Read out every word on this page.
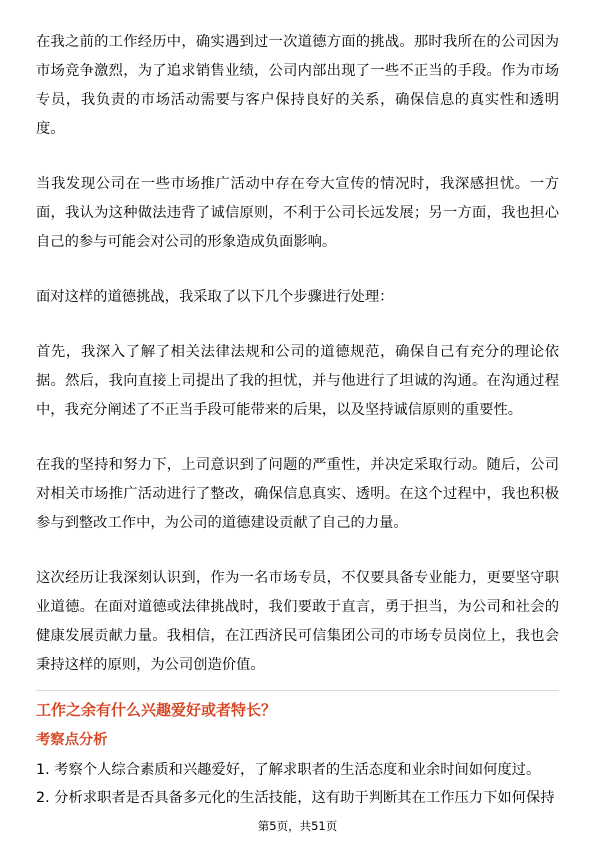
在我之前的工作经历中，确实遇到过一次道德方面的挑战。那时我所在的公司因为市场竞争激烈，为了追求销售业绩，公司内部出现了一些不正当的手段。作为市场专员，我负责的市场活动需要与客户保持良好的关系，确保信息的真实性和透明度。

当我发现公司在一些市场推广活动中存在夸大宣传的情况时，我深感担忧。一方面，我认为这种做法违背了诚信原则，不利于公司长远发展；另一方面，我也担心自己的参与可能会对公司的形象造成负面影响。

面对这样的道德挑战，我采取了以下几个步骤进行处理：

首先，我深入了解了相关法律法规和公司的道德规范，确保自己有充分的理论依据。然后，我向直接上司提出了我的担忧，并与他进行了坦诚的沟通。在沟通过程中，我充分阐述了不正当手段可能带来的后果，以及坚持诚信原则的重要性。

在我的坚持和努力下，上司意识到了问题的严重性，并决定采取行动。随后，公司对相关市场推广活动进行了整改，确保信息真实、透明。在这个过程中，我也积极参与到整改工作中，为公司的道德建设贡献了自己的力量。

这次经历让我深刻认识到，作为一名市场专员，不仅要具备专业能力，更要坚守职业道德。在面对道德或法律挑战时，我们要敢于直言，勇于担当，为公司和社会的健康发展贡献力量。我相信，在江西济民可信集团公司的市场专员岗位上，我也会秉持这样的原则，为公司创造价值。

工作之余有什么兴趣爱好或者特长？
考察点分析
1. 考察个人综合素质和兴趣爱好，了解求职者的生活态度和业余时间如何度过。
2. 分析求职者是否具备多元化的生活技能，这有助于判断其在工作压力下如何保持
第5页，共51页
